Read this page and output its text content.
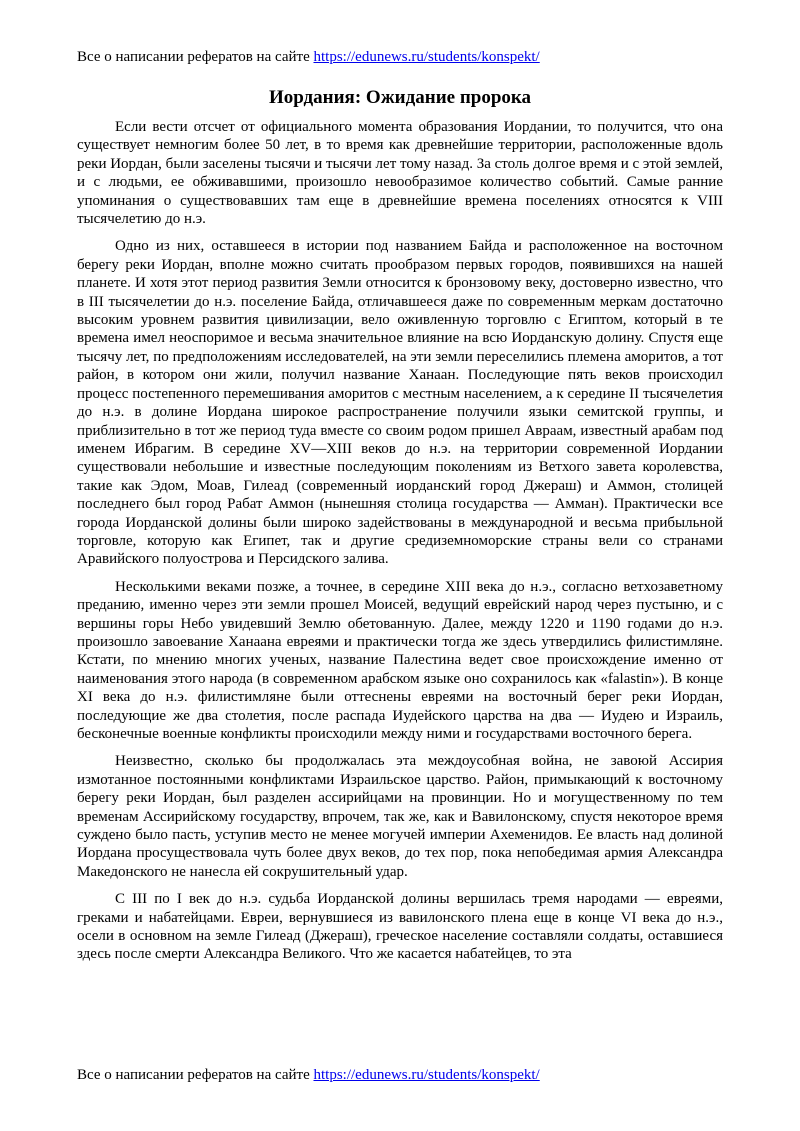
Все о написании рефератов на сайте https://edunews.ru/students/konspekt/
Иордания: Ожидание пророка

Если вести отсчет от официального момента образования Иордании, то получится, что она существует немногим более 50 лет, в то время как древнейшие территории, расположенные вдоль реки Иордан, были заселены тысячи и тысячи лет тому назад. За столь долгое время и с этой землей, и с людьми, ее обживавшими, произошло невообразимое количество событий. Самые ранние упоминания о существовавших там еще в древнейшие времена поселениях относятся к VIII тысячелетию до н.э.

Одно из них, оставшееся в истории под названием Байда и расположенное на восточном берегу реки Иордан, вполне можно считать прообразом первых городов, появившихся на нашей планете. И хотя этот период развития Земли относится к бронзовому веку, достоверно известно, что в III тысячелетии до н.э. поселение Байда, отличавшееся даже по современным меркам достаточно высоким уровнем развития цивилизации, вело оживленную торговлю с Египтом, который в те времена имел неоспоримое и весьма значительное влияние на всю Иорданскую долину. Спустя еще тысячу лет, по предположениям исследователей, на эти земли переселились племена аморитов, а тот район, в котором они жили, получил название Ханаан. Последующие пять веков происходил процесс постепенного перемешивания аморитов с местным населением, а к середине II тысячелетия до н.э. в долине Иордана широкое распространение получили языки семитской группы, и приблизительно в тот же период туда вместе со своим родом пришел Авраам, известный арабам под именем Ибрагим. В середине XV—XIII веков до н.э. на территории современной Иордании существовали небольшие и известные последующим поколениям из Ветхого завета королевства, такие как Эдом, Моав, Гилеад (современный иорданский город Джераш) и Аммон, столицей последнего был город Рабат Аммон (нынешняя столица государства — Амман). Практически все города Иорданской долины были широко задействованы в международной и весьма прибыльной торговле, которую как Египет, так и другие средиземноморские страны вели со странами Аравийского полуострова и Персидского залива.

Несколькими веками позже, а точнее, в середине XIII века до н.э., согласно ветхозаветному преданию, именно через эти земли прошел Моисей, ведущий еврейский народ через пустыню, и с вершины горы Небо увидевший Землю обетованную. Далее, между 1220 и 1190 годами до н.э. произошло завоевание Ханаана евреями и практически тогда же здесь утвердились филистимляне. Кстати, по мнению многих ученых, название Палестина ведет свое происхождение именно от наименования этого народа (в современном арабском языке оно сохранилось как «falastin»). В конце XI века до н.э. филистимляне были оттеснены евреями на восточный берег реки Иордан, последующие же два столетия, после распада Иудейского царства на два — Иудею и Израиль, бесконечные военные конфликты происходили между ними и государствами восточного берега.

Неизвестно, сколько бы продолжалась эта междоусобная война, не завоюй Ассирия измотанное постоянными конфликтами Израильское царство. Район, примыкающий к восточному берегу реки Иордан, был разделен ассирийцами на провинции. Но и могущественному по тем временам Ассирийскому государству, впрочем, так же, как и Вавилонскому, спустя некоторое время суждено было пасть, уступив место не менее могучей империи Ахеменидов. Ее власть над долиной Иордана просуществовала чуть более двух веков, до тех пор, пока непобедимая армия Александра Македонского не нанесла ей сокрушительный удар.

С III по I век до н.э. судьба Иорданской долины вершилась тремя народами — евреями, греками и набатейцами. Евреи, вернувшиеся из вавилонского плена еще в конце VI века до н.э., осели в основном на земле Гилеад (Джераш), греческое население составляли солдаты, оставшиеся здесь после смерти Александра Великого. Что же касается набатейцев, то эта

Все о написании рефератов на сайте https://edunews.ru/students/konspekt/
